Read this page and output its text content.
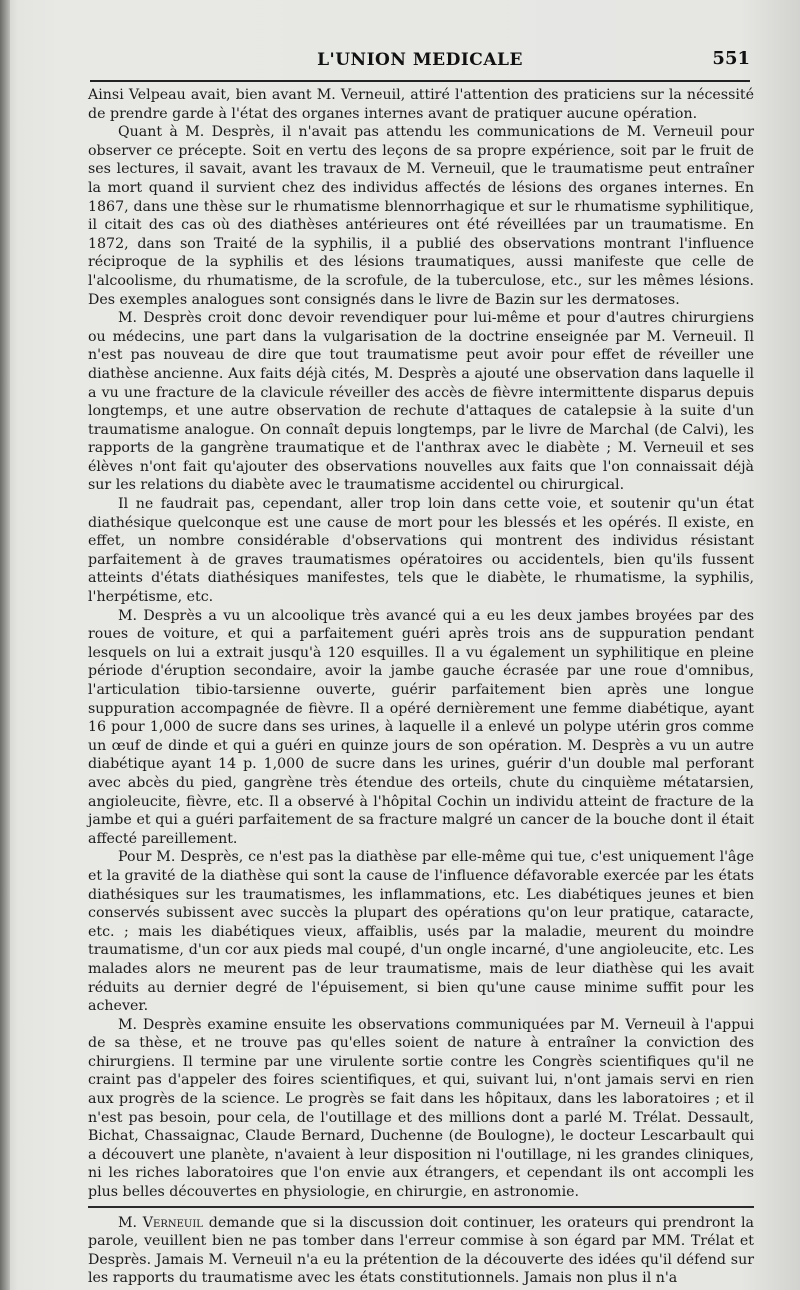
L'UNION MEDICALE	551

Ainsi Velpeau avait, bien avant M. Verneuil, attiré l'attention des praticiens sur la nécessité de prendre garde à l'état des organes internes avant de pratiquer aucune opération.

Quant à M. Desprès, il n'avait pas attendu les communications de M. Verneuil pour observer ce précepte. Soit en vertu des leçons de sa propre expérience, soit par le fruit de ses lectures, il savait, avant les travaux de M. Verneuil, que le traumatisme peut entraîner la mort quand il survient chez des individus affectés de lésions des organes internes. En 1867, dans une thèse sur le rhumatisme blennorrhagique et sur le rhumatisme syphilitique, il citait des cas où des diathèses antérieures ont été réveillées par un traumatisme. En 1872, dans son Traité de la syphilis, il a publié des observations montrant l'influence réciproque de la syphilis et des lésions traumatiques, aussi manifeste que celle de l'alcoolisme, du rhumatisme, de la scrofule, de la tuberculose, etc., sur les mêmes lésions. Des exemples analogues sont consignés dans le livre de Bazin sur les dermatoses.

M. Desprès croit donc devoir revendiquer pour lui-même et pour d'autres chirurgiens ou médecins, une part dans la vulgarisation de la doctrine enseignée par M. Verneuil. Il n'est pas nouveau de dire que tout traumatisme peut avoir pour effet de réveiller une diathèse ancienne. Aux faits déjà cités, M. Desprès a ajouté une observation dans laquelle il a vu une fracture de la clavicule réveiller des accès de fièvre intermittente disparus depuis longtemps, et une autre observation de rechute d'attaques de catalepsie à la suite d'un traumatisme analogue. On connaît depuis longtemps, par le livre de Marchal (de Calvi), les rapports de la gangrène traumatique et de l'anthrax avec le diabète ; M. Verneuil et ses élèves n'ont fait qu'ajouter des observations nouvelles aux faits que l'on connaissait déjà sur les relations du diabète avec le traumatisme accidentel ou chirurgical.

Il ne faudrait pas, cependant, aller trop loin dans cette voie, et soutenir qu'un état diathésique quelconque est une cause de mort pour les blessés et les opérés. Il existe, en effet, un nombre considérable d'observations qui montrent des individus résistant parfaitement à de graves traumatismes opératoires ou accidentels, bien qu'ils fussent atteints d'états diathésiques manifestes, tels que le diabète, le rhumatisme, la syphilis, l'herpétisme, etc.

M. Desprès a vu un alcoolique très avancé qui a eu les deux jambes broyées par des roues de voiture, et qui a parfaitement guéri après trois ans de suppuration pendant lesquels on lui a extrait jusqu'à 120 esquilles. Il a vu également un syphilitique en pleine période d'éruption secondaire, avoir la jambe gauche écrasée par une roue d'omnibus, l'articulation tibio-tarsienne ouverte, guérir parfaitement bien après une longue suppuration accompagnée de fièvre. Il a opéré dernièrement une femme diabétique, ayant 16 pour 1,000 de sucre dans ses urines, à laquelle il a enlevé un polype utérin gros comme un œuf de dinde et qui a guéri en quinze jours de son opération. M. Desprès a vu un autre diabétique ayant 14 p. 1,000 de sucre dans les urines, guérir d'un double mal perforant avec abcès du pied, gangrène très étendue des orteils, chute du cinquième métatarsien, angioleucite, fièvre, etc. Il a observé à l'hôpital Cochin un individu atteint de fracture de la jambe et qui a guéri parfaitement de sa fracture malgré un cancer de la bouche dont il était affecté pareillement.

Pour M. Desprès, ce n'est pas la diathèse par elle-même qui tue, c'est uniquement l'âge et la gravité de la diathèse qui sont la cause de l'influence défavorable exercée par les états diathésiques sur les traumatismes, les inflammations, etc. Les diabétiques jeunes et bien conservés subissent avec succès la plupart des opérations qu'on leur pratique, cataracte, etc. ; mais les diabétiques vieux, affaiblis, usés par la maladie, meurent du moindre traumatisme, d'un cor aux pieds mal coupé, d'un ongle incarné, d'une angioleucite, etc. Les malades alors ne meurent pas de leur traumatisme, mais de leur diathèse qui les avait réduits au dernier degré de l'épuisement, si bien qu'une cause minime suffit pour les achever.

M. Desprès examine ensuite les observations communiquées par M. Verneuil à l'appui de sa thèse, et ne trouve pas qu'elles soient de nature à entraîner la conviction des chirurgiens. Il termine par une virulente sortie contre les Congrès scientifiques qu'il ne craint pas d'appeler des foires scientifiques, et qui, suivant lui, n'ont jamais servi en rien aux progrès de la science. Le progrès se fait dans les hôpitaux, dans les laboratoires ; et il n'est pas besoin, pour cela, de l'outillage et des millions dont a parlé M. Trélat. Dessault, Bichat, Chassaignac, Claude Bernard, Duchenne (de Boulogne), le docteur Lescarbault qui a découvert une planète, n'avaient à leur disposition ni l'outillage, ni les grandes cliniques, ni les riches laboratoires que l'on envie aux étrangers, et cependant ils ont accompli les plus belles découvertes en physiologie, en chirurgie, en astronomie.

M. Verneuil demande que si la discussion doit continuer, les orateurs qui prendront la parole, veuillent bien ne pas tomber dans l'erreur commise à son égard par MM. Trélat et Desprès. Jamais M. Verneuil n'a eu la prétention de la découverte des idées qu'il défend sur les rapports du traumatisme avec les états constitutionnels. Jamais non plus il n'a
